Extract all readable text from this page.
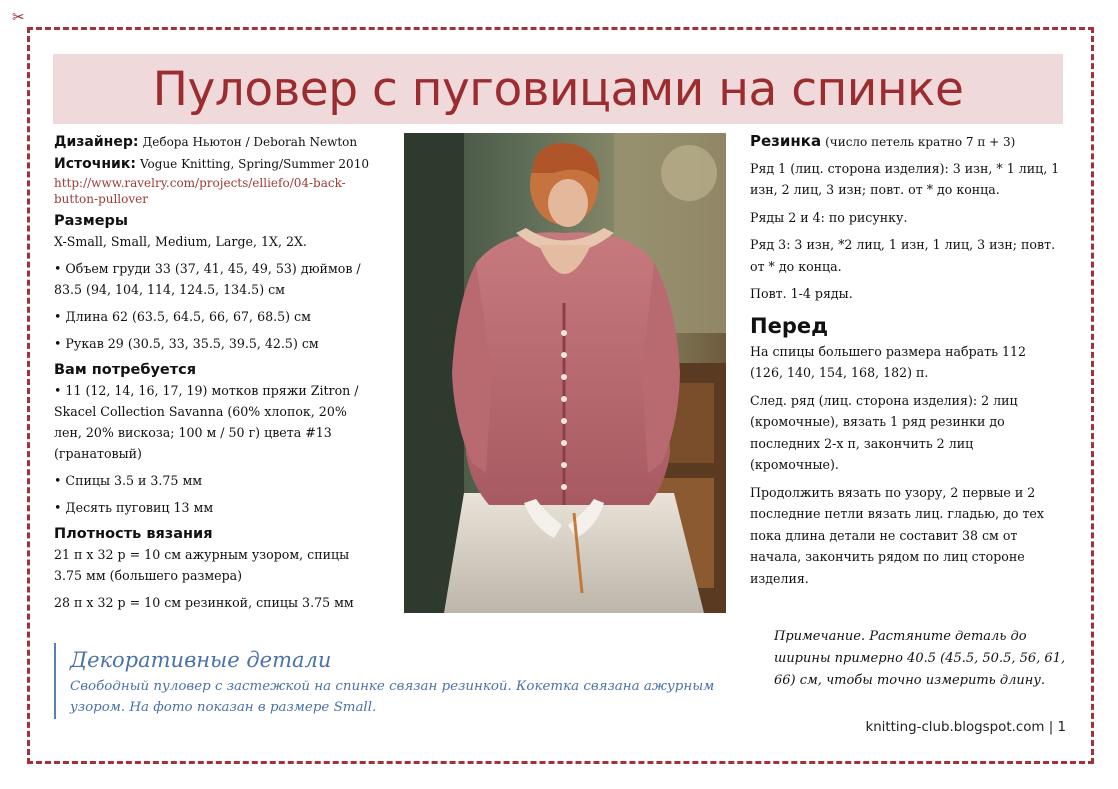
✂
Пуловер с пуговицами на спинке
Дизайнер: Дебора Ньютон / Deborah Newton
Источник: Vogue Knitting, Spring/Summer 2010
http://www.ravelry.com/projects/elliefo/04-back-
button-pullover
Размеры

X-Small, Small, Medium, Large, 1X, 2X.

• Объем груди 33 (37, 41, 45, 49, 53) дюймов /
83.5 (94, 104, 114, 124.5, 134.5) см

• Длина 62 (63.5, 64.5, 66, 67, 68.5) см

• Рукав 29 (30.5, 33, 35.5, 39.5, 42.5) см

Вам потребуется

• 11 (12, 14, 16, 17, 19) мотков пряжи Zitron /
Skacel Collection Savanna (60% хлопок, 20%
лен, 20% вискоза; 100 м / 50 г) цвета #13
(гранатовый)

• Спицы 3.5 и 3.75 мм

• Десять пуговиц 13 мм

Плотность вязания

21 п x 32 р = 10 см ажурным узором, спицы
3.75 мм (большего размера)

28 п x 32 р = 10 см резинкой, спицы 3.75 мм

Резинка (число петель кратно 7 п + 3)

Ряд 1 (лиц. сторона изделия): 3 изн, * 1 лиц, 1
изн, 2 лиц, 3 изн; повт. от * до конца.

Ряды 2 и 4: по рисунку.

Ряд 3: 3 изн, *2 лиц, 1 изн, 1 лиц, 3 изн; повт.
от * до конца.

Повт. 1-4 ряды.

Перед

На спицы большего размера набрать 112
(126, 140, 154, 168, 182) п.

След. ряд (лиц. сторона изделия): 2 лиц
(кромочные), вязать 1 ряд резинки до
последних 2-х п, закончить 2 лиц
(кромочные).

Продолжить вязать по узору, 2 первые и 2
последние петли вязать лиц. гладью, до тех
пока длина детали не составит 38 см от
начала, закончить рядом по лиц стороне
изделия.

Декоративные детали
Свободный пуловер с застежкой на спинке связан резинкой. Кокетка связана ажурным
узором. На фото показан в размере Small.
Примечание. Растяните деталь до
ширины примерно 40.5 (45.5, 50.5, 56, 61,
66) см, чтобы точно измерить длину.
knitting-club.blogspot.com | 1
